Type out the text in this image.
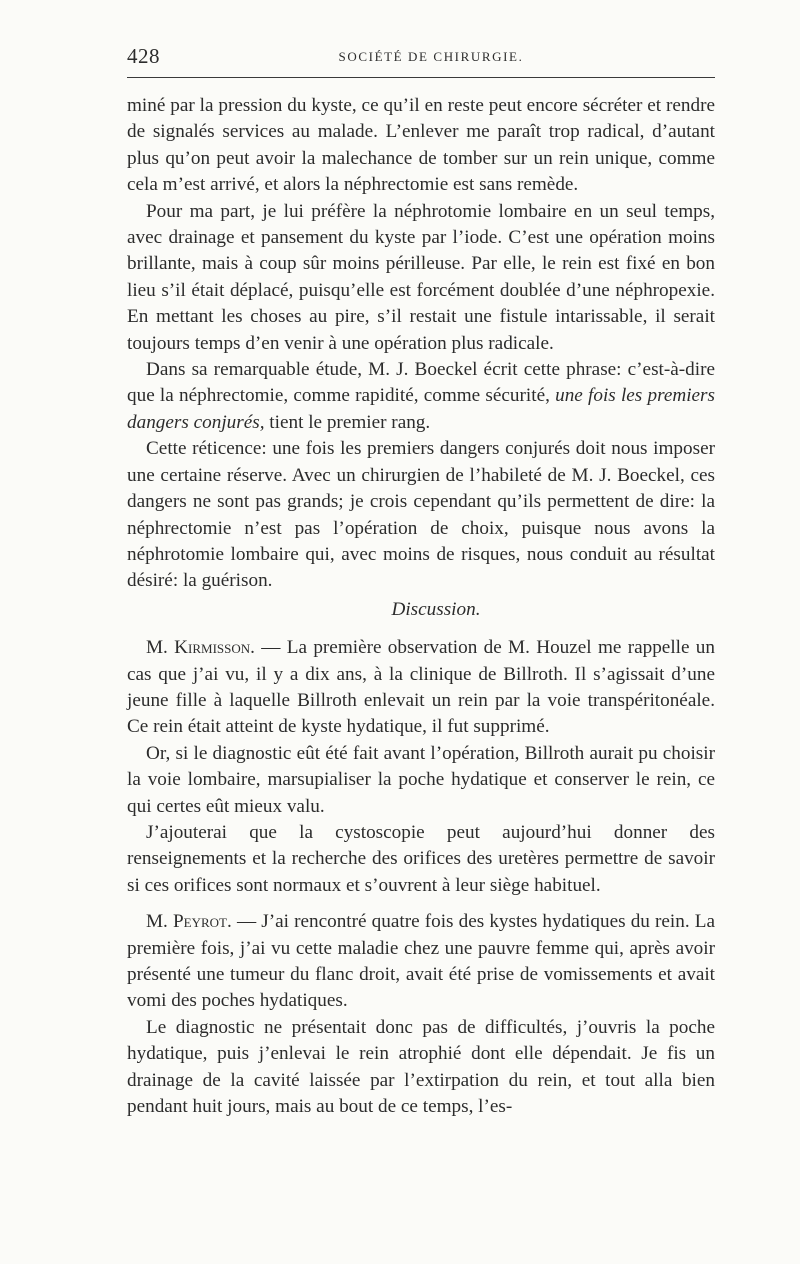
428	SOCIÉTÉ DE CHIRURGIE.

miné par la pression du kyste, ce qu’il en reste peut encore sécréter et rendre de signalés services au malade. L’enlever me paraît trop radical, d’autant plus qu’on peut avoir la malechance de tomber sur un rein unique, comme cela m’est arrivé, et alors la néphrectomie est sans remède.

Pour ma part, je lui préfère la néphrotomie lombaire en un seul temps, avec drainage et pansement du kyste par l’iode. C’est une opération moins brillante, mais à coup sûr moins périlleuse. Par elle, le rein est fixé en bon lieu s’il était déplacé, puisqu’elle est forcément doublée d’une néphropexie. En mettant les choses au pire, s’il restait une fistule intarissable, il serait toujours temps d’en venir à une opération plus radicale.

Dans sa remarquable étude, M. J. Boeckel écrit cette phrase: c’est-à-dire que la néphrectomie, comme rapidité, comme sécurité, une fois les premiers dangers conjurés, tient le premier rang.

Cette réticence: une fois les premiers dangers conjurés doit nous imposer une certaine réserve. Avec un chirurgien de l’habileté de M. J. Boeckel, ces dangers ne sont pas grands; je crois cependant qu’ils permettent de dire: la néphrectomie n’est pas l’opération de choix, puisque nous avons la néphrotomie lombaire qui, avec moins de risques, nous conduit au résultat désiré: la guérison.

Discussion.

M. Kirmisson. — La première observation de M. Houzel me rappelle un cas que j’ai vu, il y a dix ans, à la clinique de Billroth. Il s’agissait d’une jeune fille à laquelle Billroth enlevait un rein par la voie transpéritonéale. Ce rein était atteint de kyste hydatique, il fut supprimé.

Or, si le diagnostic eût été fait avant l’opération, Billroth aurait pu choisir la voie lombaire, marsupialiser la poche hydatique et conserver le rein, ce qui certes eût mieux valu.

J’ajouterai que la cystoscopie peut aujourd’hui donner des renseignements et la recherche des orifices des uretères permettre de savoir si ces orifices sont normaux et s’ouvrent à leur siège habituel.

M. Peyrot. — J’ai rencontré quatre fois des kystes hydatiques du rein. La première fois, j’ai vu cette maladie chez une pauvre femme qui, après avoir présenté une tumeur du flanc droit, avait été prise de vomissements et avait vomi des poches hydatiques.

Le diagnostic ne présentait donc pas de difficultés, j’ouvris la poche hydatique, puis j’enlevai le rein atrophié dont elle dépendait. Je fis un drainage de la cavité laissée par l’extirpation du rein, et tout alla bien pendant huit jours, mais au bout de ce temps, l’es-
